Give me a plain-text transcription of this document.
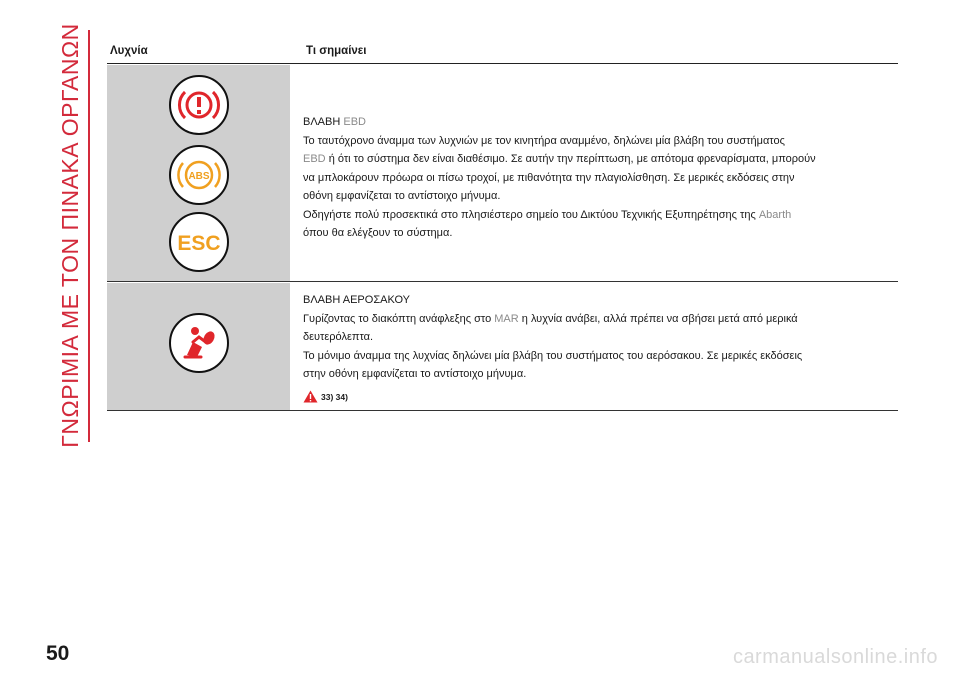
ΓΝΩΡΙΜΙΑ ΜΕ ΤΟΝ ΠΙΝΑΚΑ ΟΡΓΑΝΩΝ Λυχνία	Τι σημαίνει
ABS
ESC

ΒΛΑΒΗ EBD

Το ταυτόχρονο άναμμα των λυχνιών με τον κινητήρα αναμμένο, δηλώνει μία βλάβη του συστήματος

EBD ή ότι το σύστημα δεν είναι διαθέσιμο. Σε αυτήν την περίπτωση, με απότομα φρεναρίσματα, μπορούν

να μπλοκάρουν πρόωρα οι πίσω τροχοί, με πιθανότητα την πλαγιολίσθηση. Σε μερικές εκδόσεις στην

οθόνη εμφανίζεται το αντίστοιχο μήνυμα.

Οδηγήστε πολύ προσεκτικά στο πλησιέστερο σημείο του Δικτύου Τεχνικής Εξυπηρέτησης της Abarth

όπου θα ελέγξουν το σύστημα.

ΒΛΑΒΗ ΑΕΡΟΣΑΚΟΥ

Γυρίζοντας το διακόπτη ανάφλεξης στο MAR η λυχνία ανάβει, αλλά πρέπει να σβήσει μετά από μερικά

δευτερόλεπτα.

Το μόνιμο άναμμα της λυχνίας δηλώνει μία βλάβη του συστήματος του αερόσακου. Σε μερικές εκδόσεις

στην οθόνη εμφανίζεται το αντίστοιχο μήνυμα.

33) 34)
50	carmanualsonline.info
